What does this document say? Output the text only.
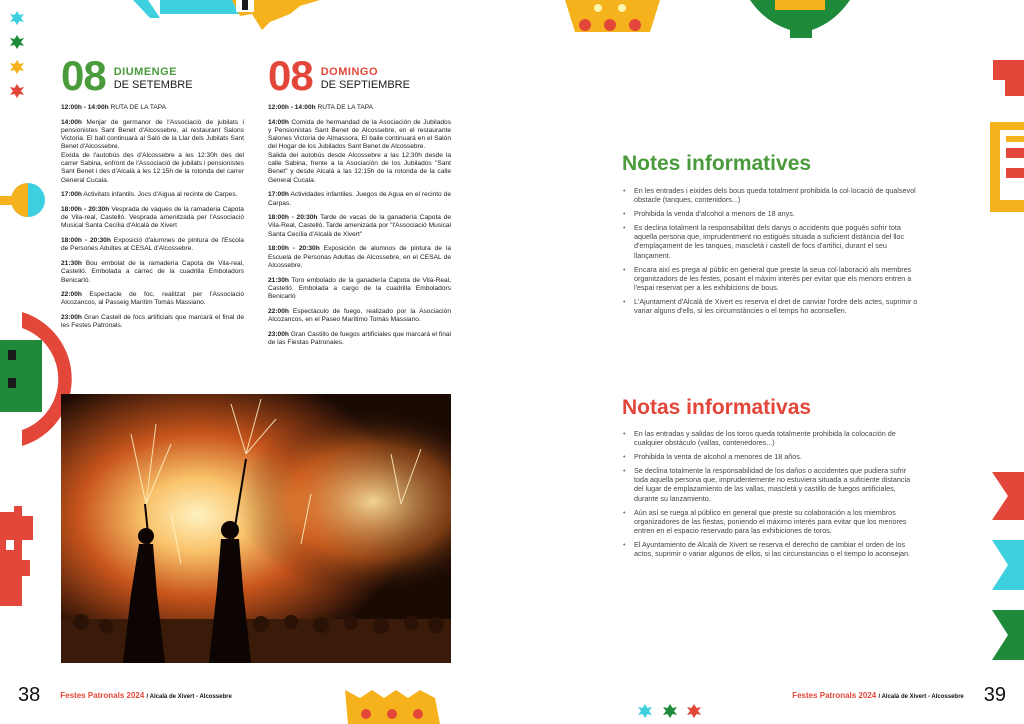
08 DIUMENGE
DE SETEMBRE 08 DOMINGO
DE SEPTIEMBRE

12:00h - 14:00h RUTA DE LA TAPA

14:00h Menjar de germanor de l'Associació de jubilats i pensionistes Sant Benet d'Alcossebre, al restaurant Salons Victoria. El ball continuarà al Saló de la Llar dels Jubilats Sant Benet d'Alcossebre.
Eixida de l'autobús des d'Alcossebre a les 12:30h des del carrer Sabina, enfront de l'Associació de jubilats i pensionistes Sant Benet i des d'Alcalà a les 12:15h de la rotonda del carrer General Cucala.

17:00h Activitats infantils. Jocs d'Aigua al recinte de Carpes.

18:00h - 20:30h Vesprada de vaques de la ramaderia Capota de Vila-real, Castelló. Vesprada amenitzada per l'Associació Musical Santa Cecília d'Alcalà de Xivert

18:00h - 20:30h Exposició d'alumnes de pintura de l'Escola de Persones Adultes at CESAL d'Alcossebre.

21:30h Bou embolat de la ramaderia Capota de Vila-real, Castelló. Embolada a càrrec de la cuadrilla Emboladors Benicarló.

22:00h Espectacle de foc, realitzat per l'Associació Alcozancos, al Passeig Marítim Tomás Massiano.

23:00h Gran Castell de focs artificials que marcarà el final de les Festes Patronals.

12:00h - 14:00h RUTA DE LA TAPA

14:00h Comida de hermandad de la Asociación de Jubilados y Pensionistas Sant Benet de Alcossebre, en el restaurante Salones Victoria de Almassora. El baile continuará en el Salón del Hogar de los Jubilados Sant Benet de Alcossebre.
Salida del autobús desde Alcossebre a las 12:30h desde la calle Sabina, frente a la Asociación de los Jubilados "Sant Benet" y desde Alcalá a las 12:15h de la rotonda de la calle General Cucala.

17:00h Actividades infantiles. Juegos de Agua en el recinto de Carpas.

18:00h - 20:30h Tarde de vacas de la ganadería Capota de Vila-Real, Castelló. Tarde amenizada por "l'Associació Musical Santa Cecília d'Alcalà de Xivert"

18:00h - 20:30h Exposición de alumnos de pintura de la Escuela de Personas Adultas de Alcossebre, en el CESAL de Alcossebre.

21:30h Toro embolado de la ganadería Capota de Vila-Real, Castelló. Embolada a cargo de la cuadrilla Emboladors Benicarló

22:00h Espectáculo de fuego, realizado por la Asociación Alcozancos, en el Paseo Marítimo Tomás Massiano.

23:00h Gran Castillo de fuegos artificiales que marcará el final de las Fiestas Patronales.

Notes informatives
• En les entrades i eixides dels bous queda totalment prohibida la col·locació de qualsevol obstacle (tanques, contenidors...)
• Prohibida la venda d'alcohol a menors de 18 anys.
• Es declina totalment la responsabilitat dels danys o accidents que pogués sofrir tota aquella persona que, imprudentment no estiguès situada a suficient distància del lloc d'emplaçament de les tanques, mascletà i castell de focs d'artifici, durant el seu llançament.
• Encara així es prega al públic en general que preste la seua col·laboració als membres organitzadors de les festes, posant el màxim interès per evitar que els menors entren a l'espai reservat per a les exhibicions de bous.
• L'Ajuntament d'Alcalà de Xivert es reserva el dret de canviar l'ordre dels actes, suprimir o variar alguns d'ells, si les circumstàncies o el temps ho aconsellen.
Notas informativas
• En las entradas y salidas de los toros queda totalmente prohibida la colocación de cualquier obstáculo (vallas, contenedores...)
• Prohibida la venta de alcohol a menores de 18 años.
• Se declina totalmente la responsabilidad de los daños o accidentes que pudiera sufrir toda aquella persona que, imprudentemente no estuviera situada a suficiente distancia del lugar de emplazamiento de las vallas, mascletà y castillo de fuegos artificiales, durante su lanzamiento.
• Aún así se ruega al público en general que preste su colaboración a los miembros organizadores de las fiestas, poniendo el máximo interés para evitar que los menores entren en el espacio reservado para las exhibiciones de toros.
• El Ayuntamiento de Alcalà de Xivert se reserva el derecho de cambiar el orden de los actos, suprimir o variar algunos de ellos, si las circunstancias o el tiempo lo aconsejan.
38	Festes Patronals 2024 / Alcalà de Xivert - Alcossebre	Festes Patronals 2024 / Alcalà de Xivert - Alcossebre 39
